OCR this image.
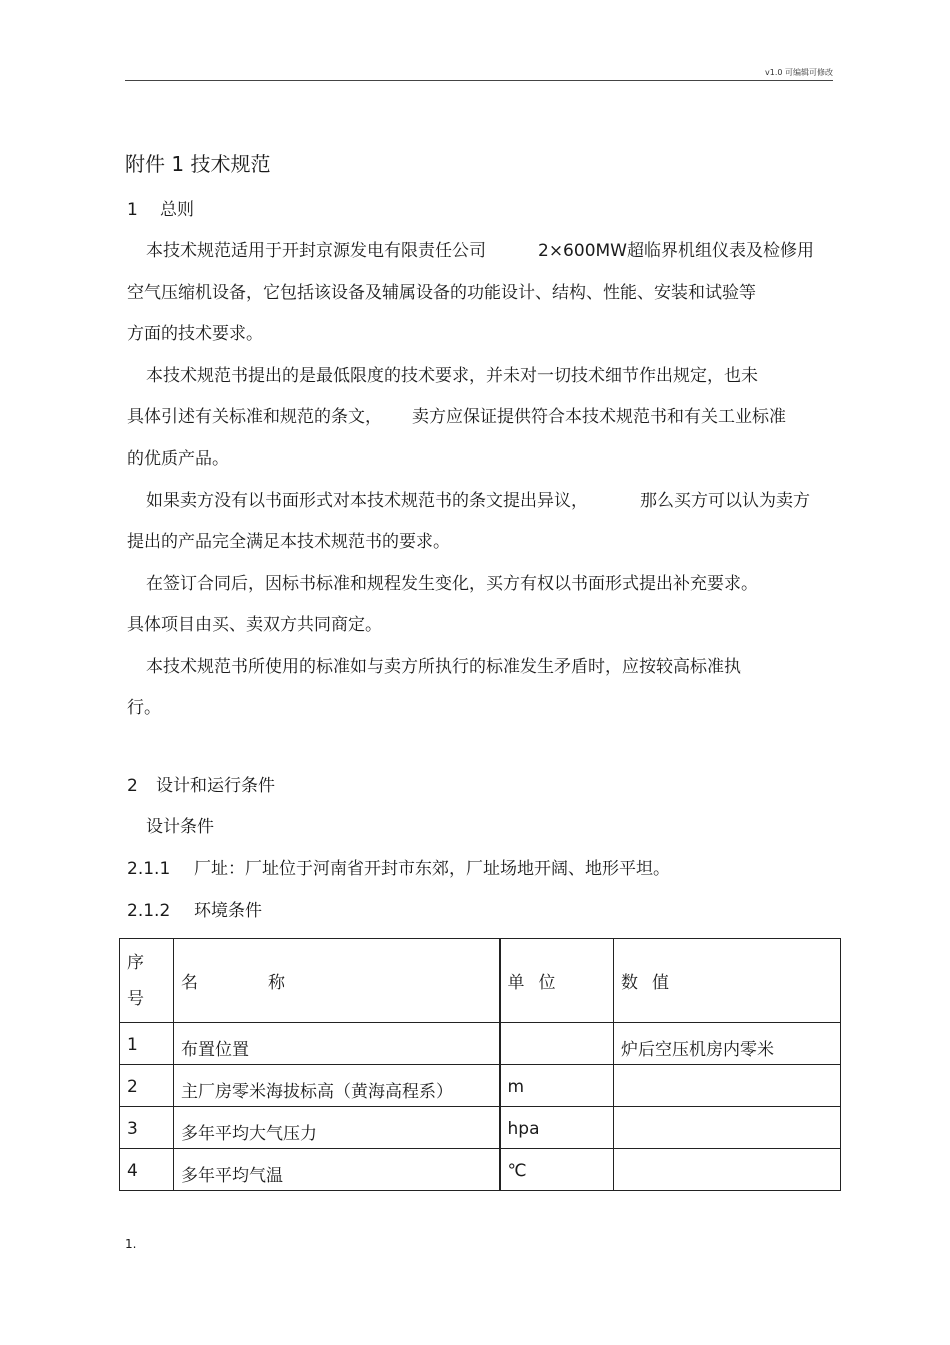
v1.0 可编辑可修改
附件 1 技术规范
1 总则
本技术规范适用于开封京源发电有限责任公司	2×600MW超临界机组仪表及检修用
空气压缩机设备，它包括该设备及辅属设备的功能设计、结构、性能、安装和试验等
方面的技术要求。
本技术规范书提出的是最低限度的技术要求，并未对一切技术细节作出规定，也未
具体引述有关标准和规范的条文， 卖方应保证提供符合本技术规范书和有关工业标准
的优质产品。
如果卖方没有以书面形式对本技术规范书的条文提出异议，	那么买方可以认为卖方
提出的产品完全满足本技术规范书的要求。
在签订合同后，因标书标准和规程发生变化，买方有权以书面形式提出补充要求。
具体项目由买、卖双方共同商定。
本技术规范书所使用的标准如与卖方所执行的标准发生矛盾时，应按较高标准执
行。
2 设计和运行条件
设计条件
2.1.1 厂址：厂址位于河南省开封市东郊，厂址场地开阔、地形平坦。
2.1.2 环境条件
序号	名 称	单 位	数 值
1	布置位置		炉后空压机房内零米
2	主厂房零米海拔标高（黄海高程系）	m	
3	多年平均大气压力	hpa	
4	多年平均气温	℃	
1.
